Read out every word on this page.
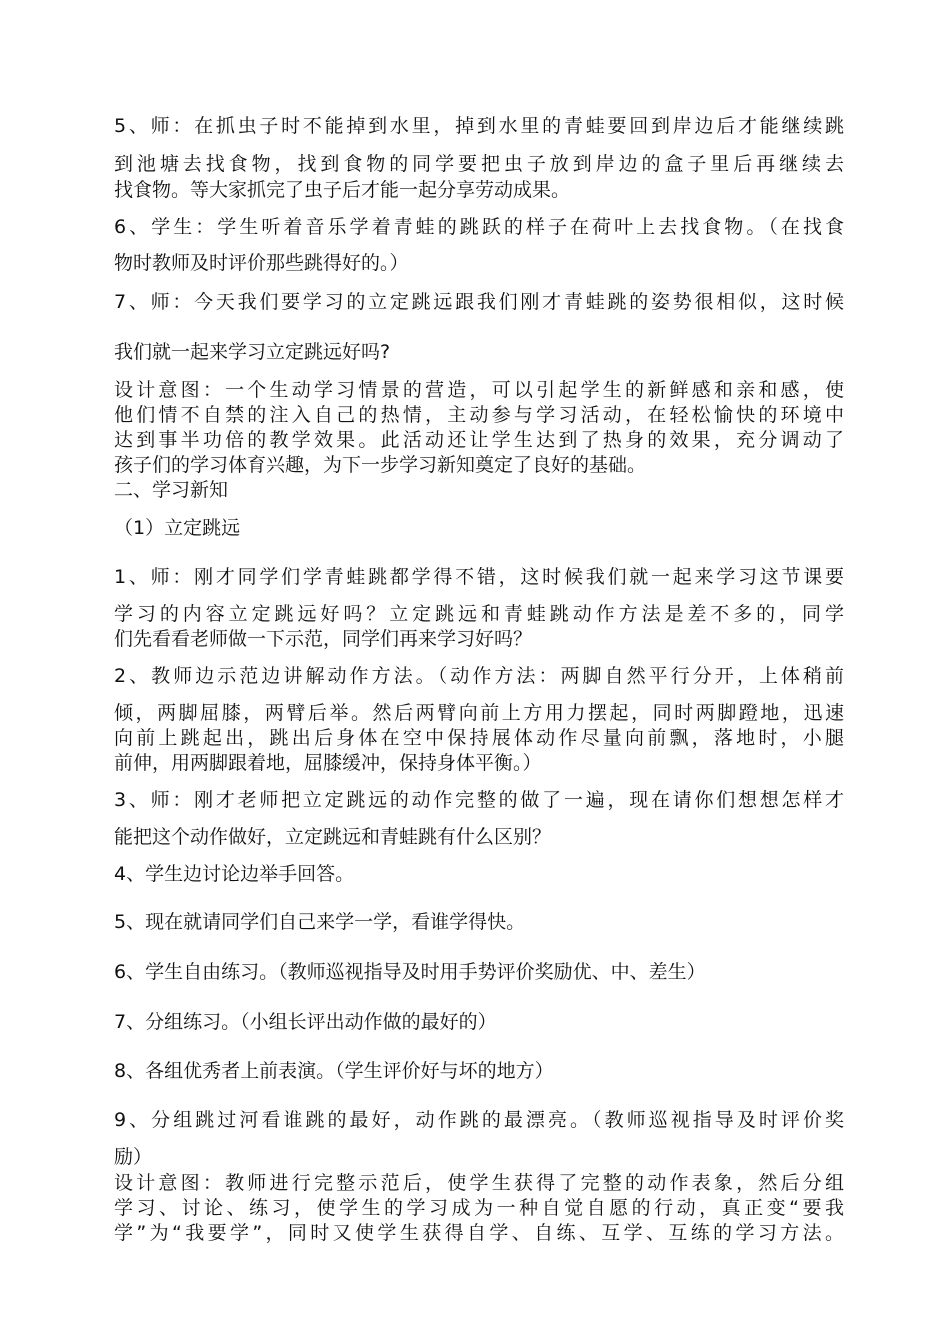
5、师：在抓虫子时不能掉到水里，掉到水里的青蛙要回到岸边后才能继续跳
到池塘去找食物，找到食物的同学要把虫子放到岸边的盒子里后再继续去
找食物。等大家抓完了虫子后才能一起分享劳动成果。
6、学生：学生听着音乐学着青蛙的跳跃的样子在荷叶上去找食物。（在找食
物时教师及时评价那些跳得好的。）
7、师：今天我们要学习的立定跳远跟我们刚才青蛙跳的姿势很相似，这时候
我们就一起来学习立定跳远好吗?
设计意图：一个生动学习情景的营造，可以引起学生的新鲜感和亲和感，使
他们情不自禁的注入自己的热情，主动参与学习活动，在轻松愉快的环境中
达到事半功倍的教学效果。此活动还让学生达到了热身的效果，充分调动了
孩子们的学习体育兴趣，为下一步学习新知奠定了良好的基础。
二、学习新知
（1）立定跳远
1、师：刚才同学们学青蛙跳都学得不错，这时候我们就一起来学习这节课要
学习的内容立定跳远好吗？立定跳远和青蛙跳动作方法是差不多的，同学
们先看看老师做一下示范，同学们再来学习好吗？
2、教师边示范边讲解动作方法。（动作方法：两脚自然平行分开，上体稍前
倾，两脚屈膝，两臂后举。然后两臂向前上方用力摆起，同时两脚蹬地，迅速
向前上跳起出，跳出后身体在空中保持展体动作尽量向前飘，落地时，小腿
前伸，用两脚跟着地，屈膝缓冲，保持身体平衡。）
3、师：刚才老师把立定跳远的动作完整的做了一遍，现在请你们想想怎样才
能把这个动作做好，立定跳远和青蛙跳有什么区别？
4、学生边讨论边举手回答。
5、现在就请同学们自己来学一学，看谁学得快。
6、学生自由练习。（教师巡视指导及时用手势评价奖励优、中、差生）
7、分组练习。（小组长评出动作做的最好的）
8、各组优秀者上前表演。（学生评价好与坏的地方）
9、分组跳过河看谁跳的最好，动作跳的最漂亮。（教师巡视指导及时评价奖
励）
设计意图：教师进行完整示范后，使学生获得了完整的动作表象，然后分组
学习、讨论、练习，使学生的学习成为一种自觉自愿的行动，真正变“要我
学”为“我要学”，同时又使学生获得自学、自练、互学、互练的学习方法。
